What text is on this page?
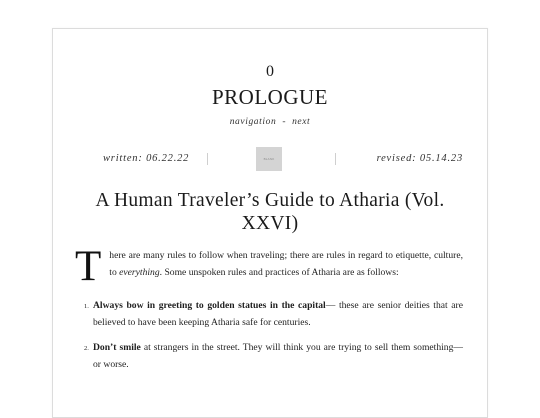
0
PROLOGUE
navigation - next
written: 06.22.22	BLANK	revised: 05.14.23
A Human Traveler’s Guide to Atharia (Vol. XXVI)

There are many rules to follow when traveling; there are rules in regard to etiquette, culture, to everything. Some unspoken rules and practices of Atharia are as follows:

1. Always bow in greeting to golden statues in the capital— these are senior deities that are believed to have been keeping Atharia safe for centuries.
2. Don’t smile at strangers in the street. They will think you are trying to sell them something— or worse.
